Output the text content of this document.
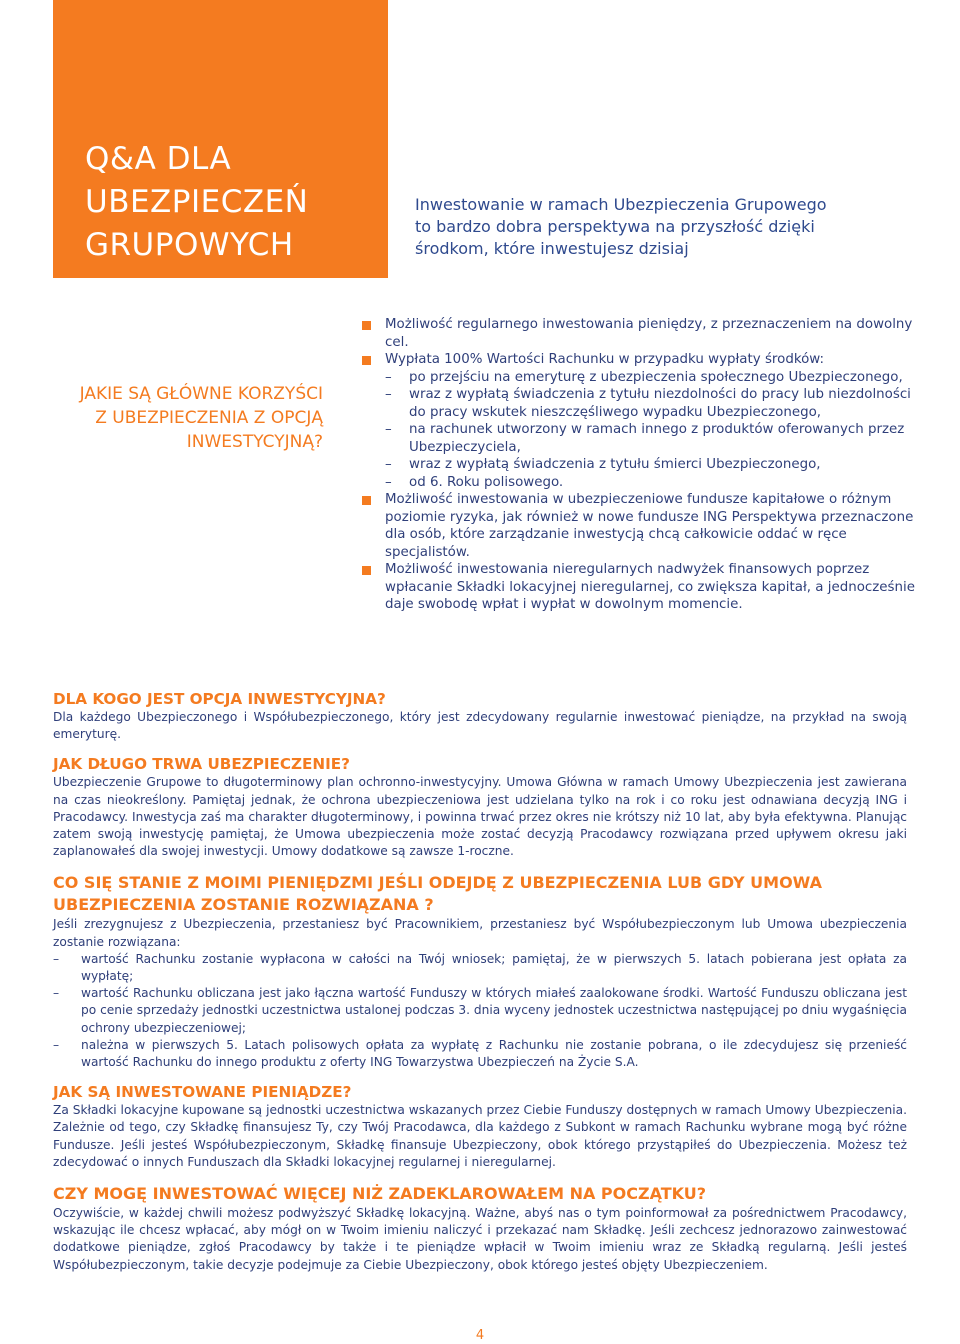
Q&A DLA
UBEZPIECZEŃ
GRUPOWYCH

Inwestowanie w ramach Ubezpieczenia Grupowego
to bardzo dobra perspektywa na przyszłość dzięki
środkom, które inwestujesz dzisiaj

JAKIE SĄ GŁÓWNE KORZYŚCI
Z UBEZPIECZENIA Z OPCJĄ
INWESTYCYJNĄ?
Możliwość regularnego inwestowania pieniędzy, z przeznaczeniem na dowolny cel.
Wypłata 100% Wartości Rachunku w przypadku wypłaty środków:
– po przejściu na emeryturę z ubezpieczenia społecznego Ubezpieczonego,
– wraz z wypłatą świadczenia z tytułu niezdolności do pracy lub niezdolności do pracy wskutek nieszczęśliwego wypadku Ubezpieczonego,
– na rachunek utworzony w ramach innego z produktów oferowanych przez Ubezpieczyciela,
– wraz z wypłatą świadczenia z tytułu śmierci Ubezpieczonego,
– od 6. Roku polisowego.
Możliwość inwestowania w ubezpieczeniowe fundusze kapitałowe o różnym poziomie ryzyka, jak również w nowe fundusze ING Perspektywa przeznaczone dla osób, które zarządzanie inwestycją chcą całkowicie oddać w ręce specjalistów.
Możliwość inwestowania nieregularnych nadwyżek finansowych poprzez wpłacanie Składki lokacyjnej nieregularnej, co zwiększa kapitał, a jednocześnie daje swobodę wpłat i wypłat w dowolnym momencie.
DLA KOGO JEST OPCJA INWESTYCYJNA?

Dla każdego Ubezpieczonego i Współubezpieczonego, który jest zdecydowany regularnie inwestować pieniądze, na przykład na swoją emeryturę.

JAK DŁUGO TRWA UBEZPIECZENIE?

Ubezpieczenie Grupowe to długoterminowy plan ochronno-inwestycyjny. Umowa Główna w ramach Umowy Ubezpieczenia jest zawierana na czas nieokreślony. Pamiętaj jednak, że ochrona ubezpieczeniowa jest udzielana tylko na rok i co roku jest odnawiana decyzją ING i Pracodawcy. Inwestycja zaś ma charakter długoterminowy, i powinna trwać przez okres nie krótszy niż 10 lat, aby była efektywna. Planując zatem swoją inwestycję pamiętaj, że Umowa ubezpieczenia może zostać decyzją Pracodawcy rozwiązana przed upływem okresu jaki zaplanowałeś dla swojej inwestycji. Umowy dodatkowe są zawsze 1-roczne.

CO SIĘ STANIE Z MOIMI PIENIĘDZMI JEŚLI ODEJDĘ Z UBEZPIECZENIA LUB GDY UMOWA UBEZPIECZENIA ZOSTANIE ROZWIĄZANA ?

Jeśli zrezygnujesz z Ubezpieczenia, przestaniesz być Pracownikiem, przestaniesz być Współubezpieczonym lub Umowa ubezpieczenia zostanie rozwiązana:

– wartość Rachunku zostanie wypłacona w całości na Twój wniosek; pamiętaj, że w pierwszych 5. latach pobierana jest opłata za wypłatę;
– wartość Rachunku obliczana jest jako łączna wartość Funduszy w których miałeś zaalokowane środki. Wartość Funduszu obliczana jest po cenie sprzedaży jednostki uczestnictwa ustalonej podczas 3. dnia wyceny jednostek uczestnictwa następującej po dniu wygaśnięcia ochrony ubezpieczeniowej;
– należna w pierwszych 5. Latach polisowych opłata za wypłatę z Rachunku nie zostanie pobrana, o ile zdecydujesz się przenieść wartość Rachunku do innego produktu z oferty ING Towarzystwa Ubezpieczeń na Życie S.A.
JAK SĄ INWESTOWANE PIENIĄDZE?

Za Składki lokacyjne kupowane są jednostki uczestnictwa wskazanych przez Ciebie Funduszy dostępnych w ramach Umowy Ubezpieczenia. Zależnie od tego, czy Składkę finansujesz Ty, czy Twój Pracodawca, dla każdego z Subkont w ramach Rachunku wybrane mogą być różne Fundusze. Jeśli jesteś Współubezpieczonym, Składkę finansuje Ubezpieczony, obok którego przystąpiłeś do Ubezpieczenia. Możesz też zdecydować o innych Funduszach dla Składki lokacyjnej regularnej i nieregularnej.

CZY MOGĘ INWESTOWAĆ WIĘCEJ NIŻ ZADEKLAROWAŁEM NA POCZĄTKU?

Oczywiście, w każdej chwili możesz podwyższyć Składkę lokacyjną. Ważne, abyś nas o tym poinformował za pośrednictwem Pracodawcy, wskazując ile chcesz wpłacać, aby mógł on w Twoim imieniu naliczyć i przekazać nam Składkę. Jeśli zechcesz jednorazowo zainwestować dodatkowe pieniądze, zgłoś Pracodawcy by także i te pieniądze wpłacił w Twoim imieniu wraz ze Składką regularną. Jeśli jesteś Współubezpieczonym, takie decyzje podejmuje za Ciebie Ubezpieczony, obok którego jesteś objęty Ubezpieczeniem.

4
